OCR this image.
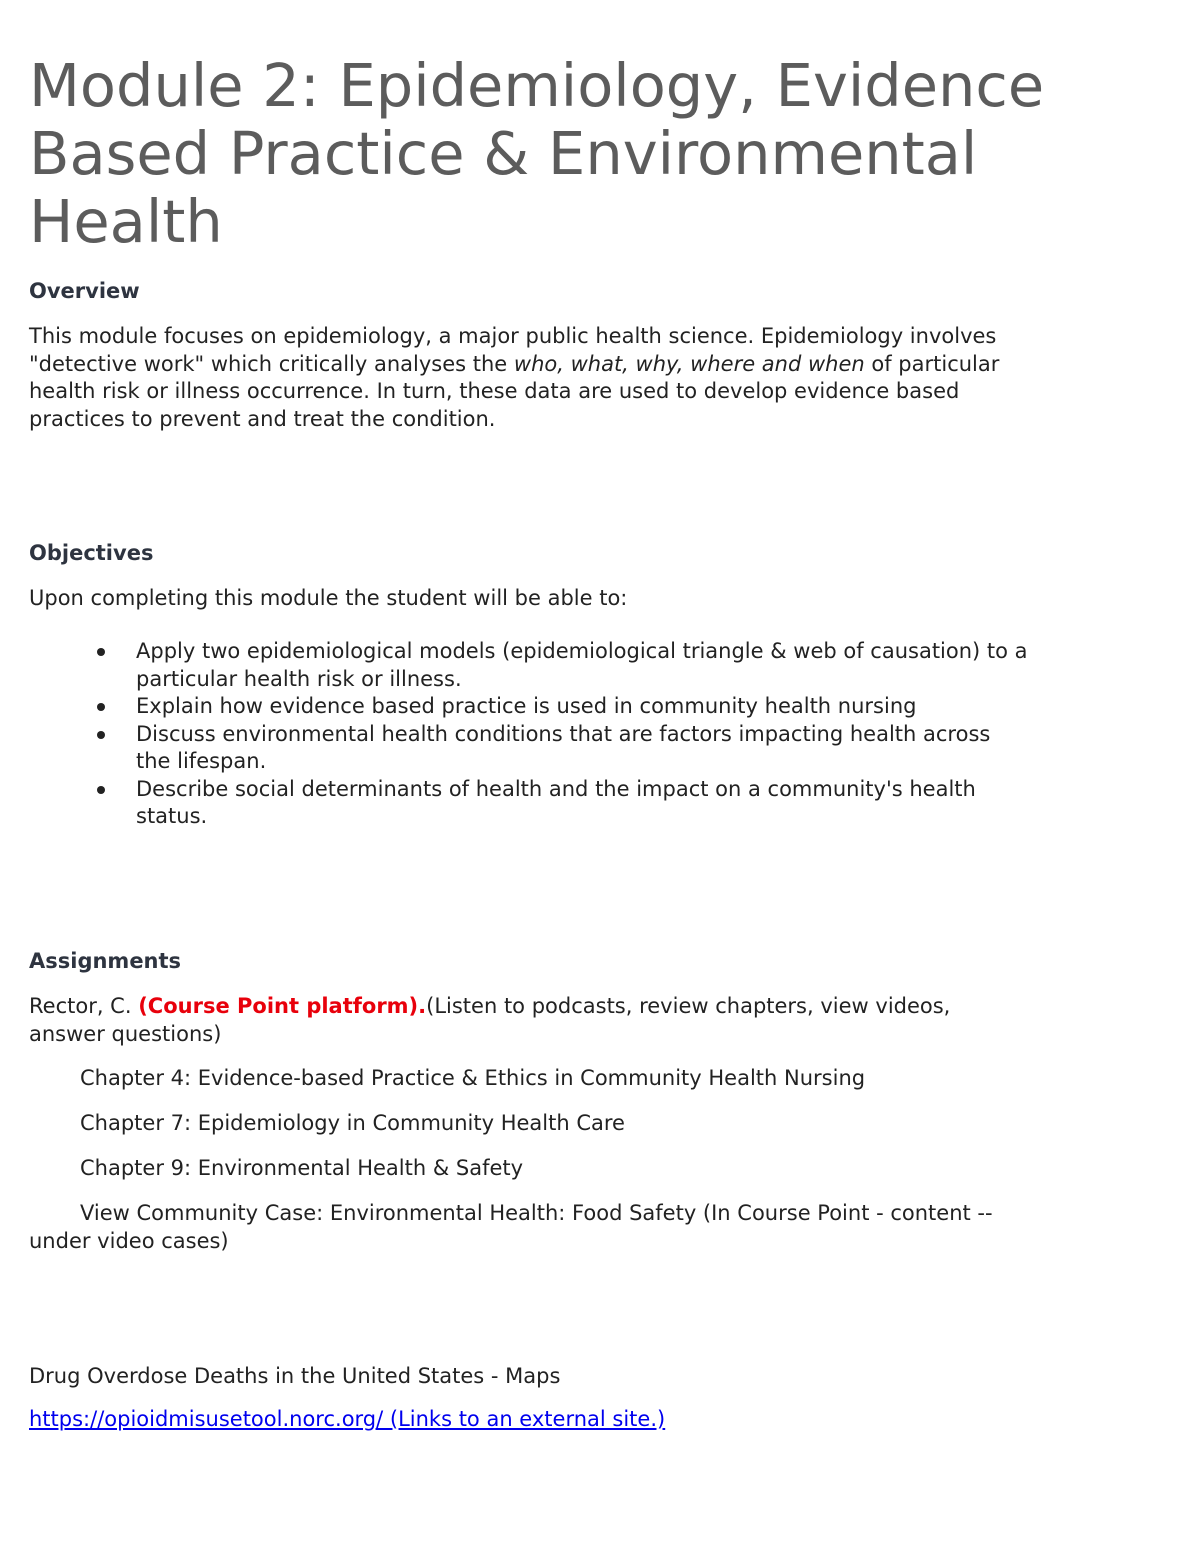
Module 2: Epidemiology, Evidence Based Practice & Environmental Health
Overview

This module focuses on epidemiology, a major public health science. Epidemiology involves "detective work" which critically analyses the who, what, why, where and when of particular health risk or illness occurrence. In turn, these data are used to develop evidence based practices to prevent and treat the condition.

Objectives

Upon completing this module the student will be able to:

Apply two epidemiological models (epidemiological triangle & web of causation) to a particular health risk or illness.
Explain how evidence based practice is used in community health nursing
Discuss environmental health conditions that are factors impacting health across the lifespan.
Describe social determinants of health and the impact on a community's health status.
Assignments

Rector, C. (Course Point platform).(Listen to podcasts, review chapters, view videos, answer questions)

Chapter 4: Evidence-based Practice & Ethics in Community Health Nursing

Chapter 7: Epidemiology in Community Health Care

Chapter 9: Environmental Health & Safety

View Community Case: Environmental Health: Food Safety (In Course Point - content -- under video cases)

Drug Overdose Deaths in the United States - Maps

https://opioidmisusetool.norc.org/ (Links to an external site.)
